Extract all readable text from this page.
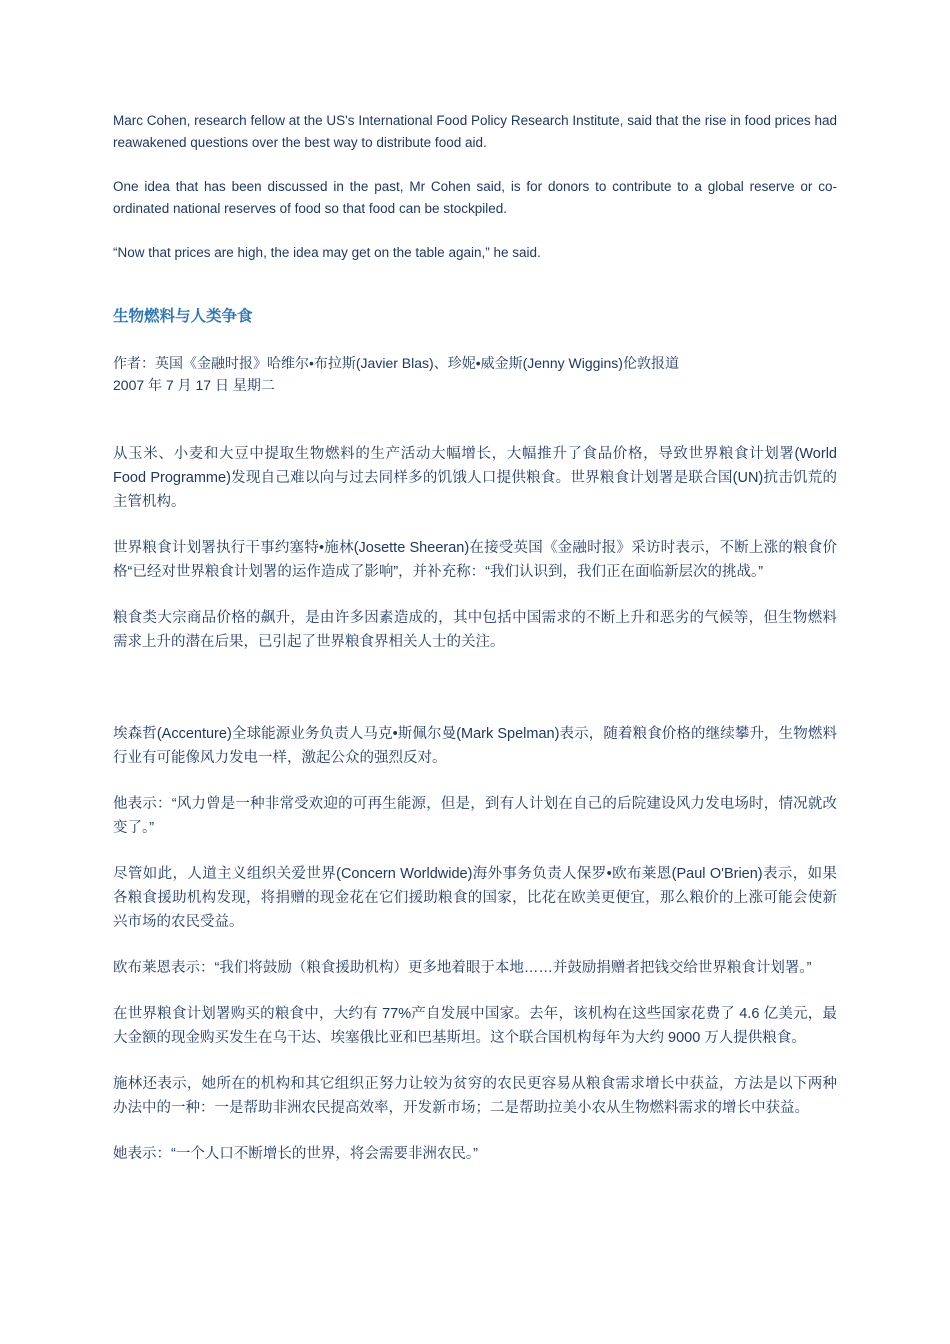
Marc Cohen, research fellow at the US's International Food Policy Research Institute, said that the rise in food prices had reawakened questions over the best way to distribute food aid.

One idea that has been discussed in the past, Mr Cohen said, is for donors to contribute to a global reserve or co-ordinated national reserves of food so that food can be stockpiled.

“Now that prices are high, the idea may get on the table again,” he said.

生物燃料与人类争食

作者：英国《金融时报》哈维尔•布拉斯(Javier Blas)、珍妮•威金斯(Jenny Wiggins)伦敦报道

2007 年 7 月 17 日 星期二

从玉米、小麦和大豆中提取生物燃料的生产活动大幅增长，大幅推升了食品价格，导致世界粮食计划署(World Food Programme)发现自己难以向与过去同样多的饥饿人口提供粮食。世界粮食计划署是联合国(UN)抗击饥荒的主管机构。

世界粮食计划署执行干事约塞特•施林(Josette Sheeran)在接受英国《金融时报》采访时表示，不断上涨的粮食价格“已经对世界粮食计划署的运作造成了影响”，并补充称：“我们认识到，我们正在面临新层次的挑战。”

粮食类大宗商品价格的飙升，是由许多因素造成的，其中包括中国需求的不断上升和恶劣的气候等，但生物燃料需求上升的潜在后果，已引起了世界粮食界相关人士的关注。

埃森哲(Accenture)全球能源业务负责人马克•斯佩尔曼(Mark Spelman)表示，随着粮食价格的继续攀升，生物燃料行业有可能像风力发电一样，激起公众的强烈反对。

他表示：“风力曾是一种非常受欢迎的可再生能源，但是，到有人计划在自己的后院建设风力发电场时，情况就改变了。”

尽管如此，人道主义组织关爱世界(Concern Worldwide)海外事务负责人保罗•欧布莱恩(Paul O'Brien)表示，如果各粮食援助机构发现，将捐赠的现金花在它们援助粮食的国家，比花在欧美更便宜，那么粮价的上涨可能会使新兴市场的农民受益。

欧布莱恩表示：“我们将鼓励（粮食援助机构）更多地着眼于本地……并鼓励捐赠者把钱交给世界粮食计划署。”

在世界粮食计划署购买的粮食中，大约有 77%产自发展中国家。去年，该机构在这些国家花费了 4.6 亿美元，最大金额的现金购买发生在乌干达、埃塞俄比亚和巴基斯坦。这个联合国机构每年为大约 9000 万人提供粮食。

施林还表示，她所在的机构和其它组织正努力让较为贫穷的农民更容易从粮食需求增长中获益，方法是以下两种办法中的一种：一是帮助非洲农民提高效率，开发新市场；二是帮助拉美小农从生物燃料需求的增长中获益。

她表示：“一个人口不断增长的世界，将会需要非洲农民。”
